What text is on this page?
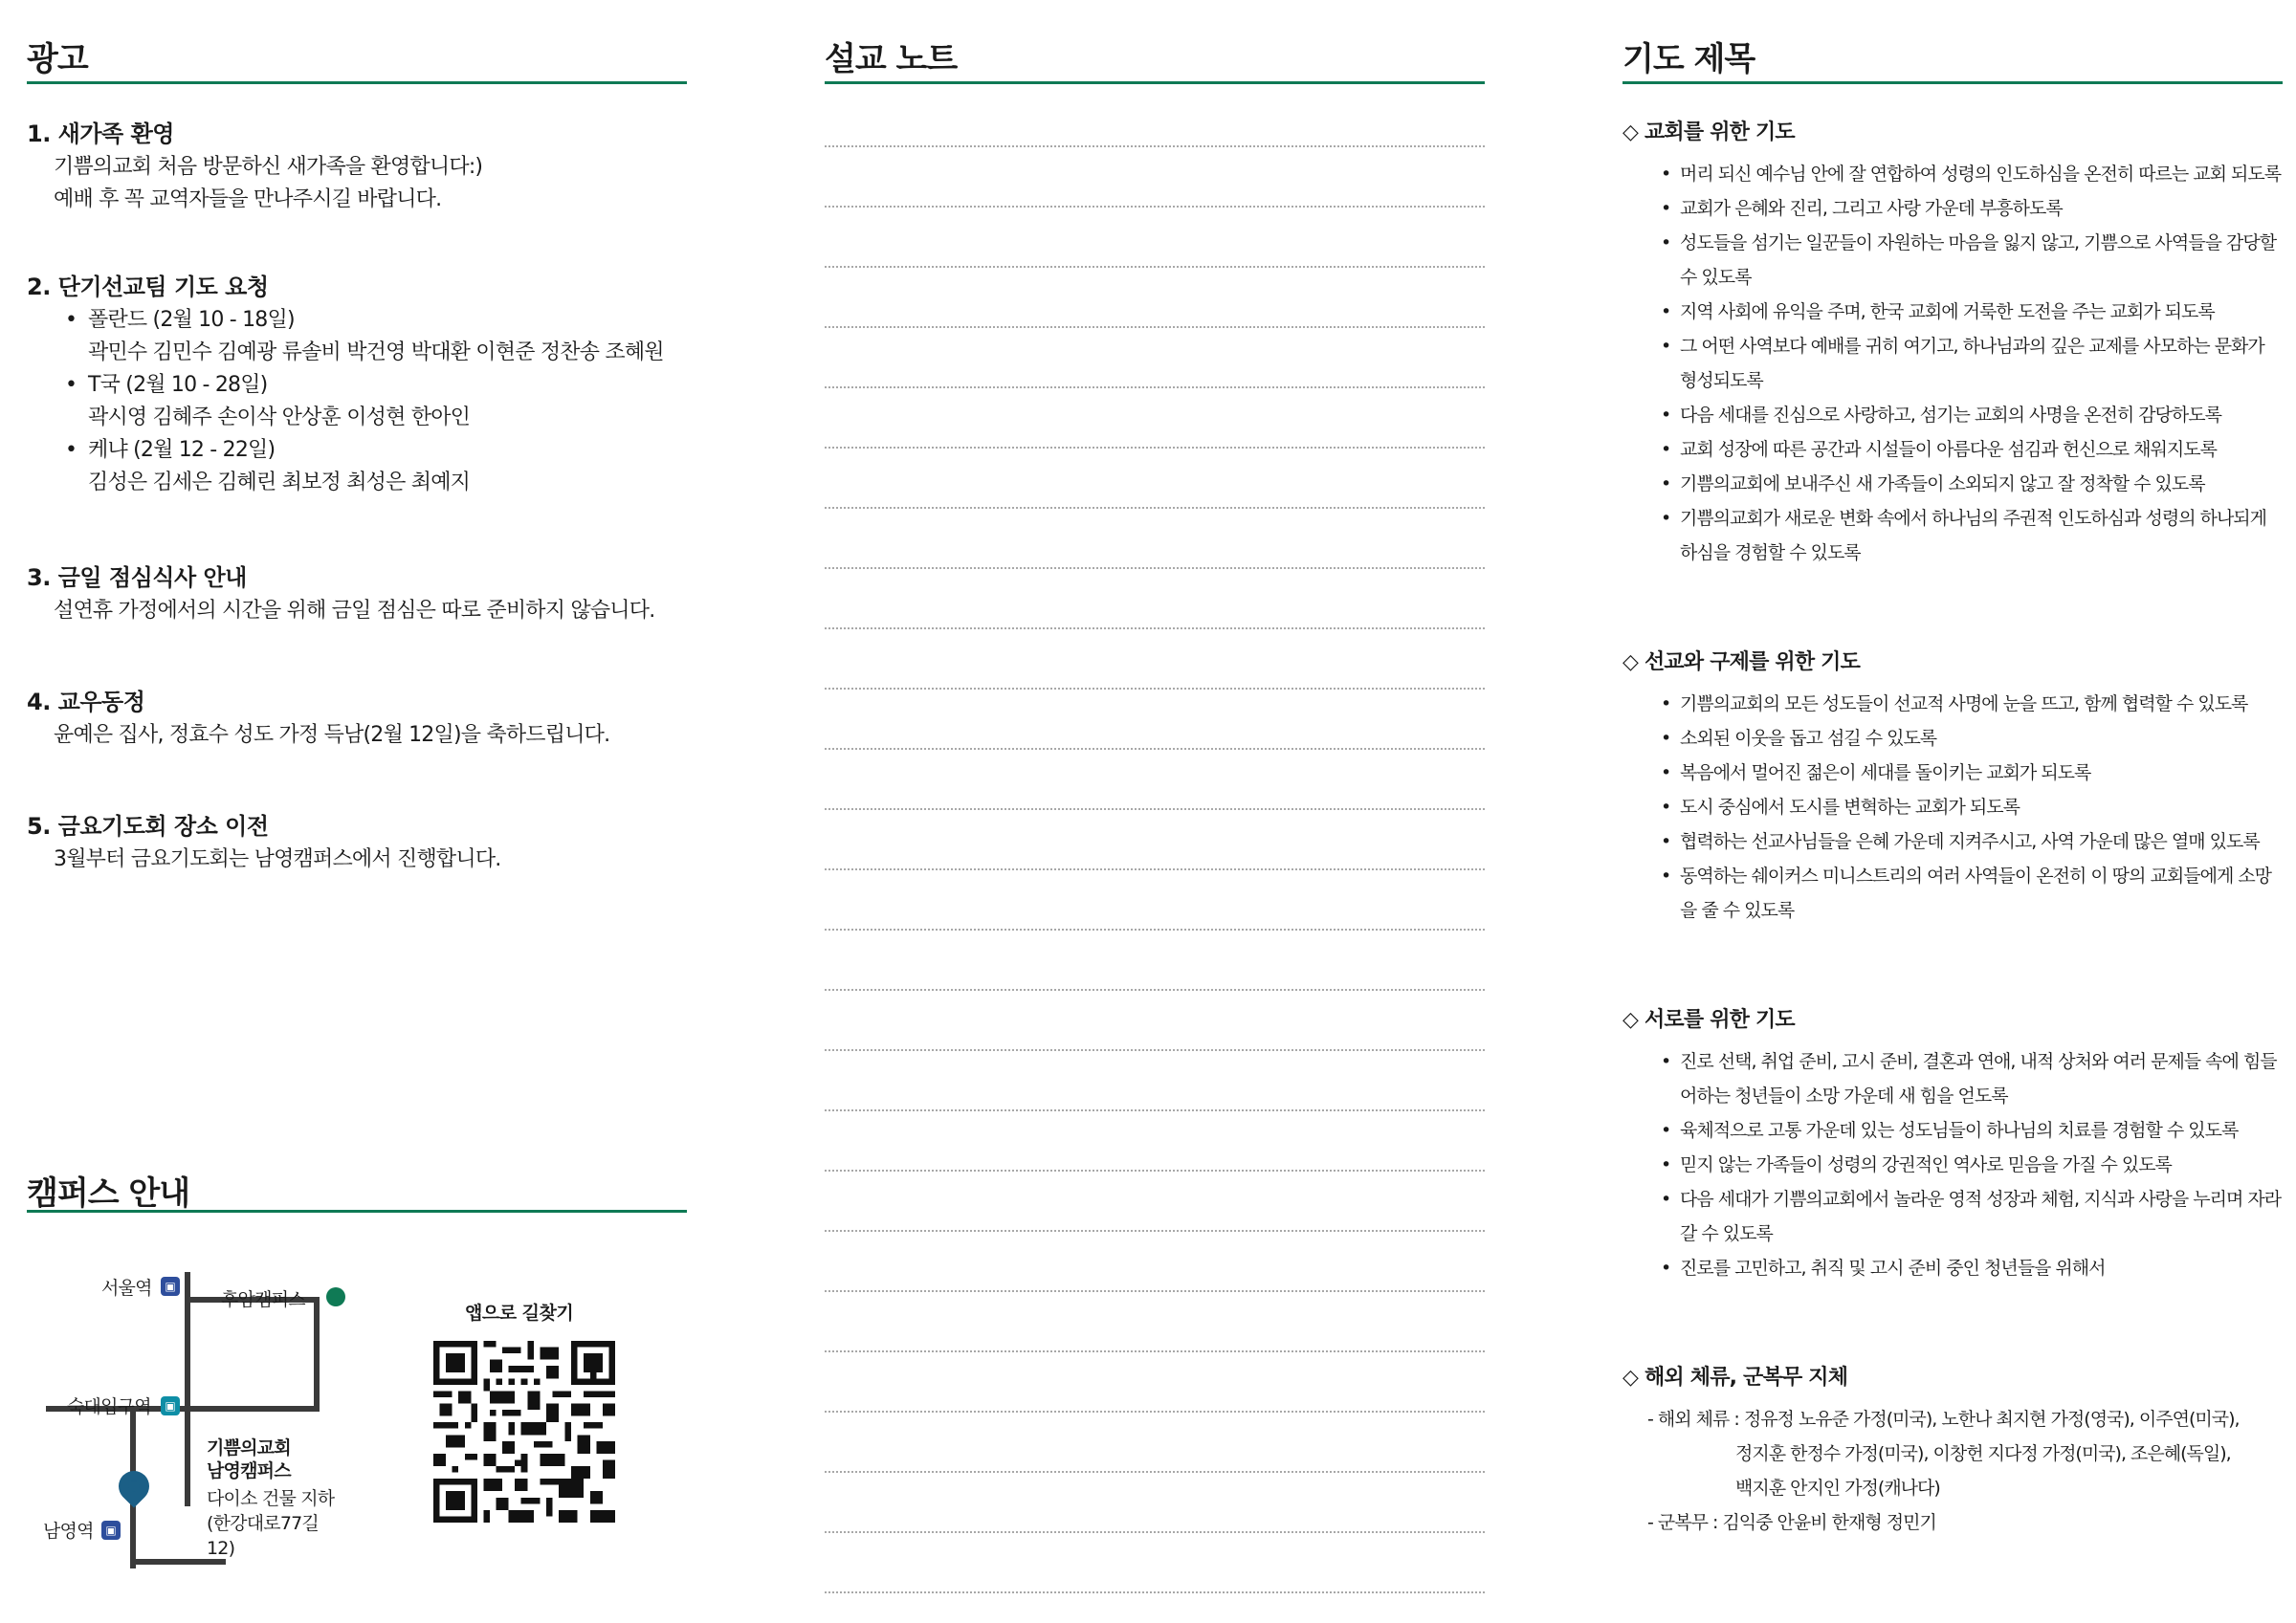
광고
1. 새가족 환영
기쁨의교회 처음 방문하신 새가족을 환영합니다:)
예배 후 꼭 교역자들을 만나주시길 바랍니다.
2. 단기선교팀 기도 요청
• 폴란드 (2월 10 - 18일)
곽민수 김민수 김예광 류솔비 박건영 박대환 이현준 정찬송 조혜원
• T국 (2월 10 - 28일)
곽시영 김혜주 손이삭 안상훈 이성현 한아인
• 케냐 (2월 12 - 22일)
김성은 김세은 김혜린 최보정 최성은 최예지
3. 금일 점심식사 안내
설연휴 가정에서의 시간을 위해 금일 점심은 따로 준비하지 않습니다.
4. 교우동정
윤예은 집사, 정효수 성도 가정 득남(2월 12일)을 축하드립니다.
5. 금요기도회 장소 이전
3월부터 금요기도회는 남영캠퍼스에서 진행합니다.
캠퍼스 안내
서울역	▣
후암캠퍼스
숙대입구역	▣
기쁨의교회
남영캠퍼스
다이소 건물 지하 (한강대로77길 12)
남영역	▣
앱으로 길찾기
설교 노트	기도 제목
◇ 교회를 위한 기도
• 머리 되신 예수님 안에 잘 연합하여 성령의 인도하심을 온전히 따르는 교회 되도록
• 교회가 은혜와 진리, 그리고 사랑 가운데 부흥하도록
• 성도들을 섬기는 일꾼들이 자원하는 마음을 잃지 않고, 기쁨으로 사역들을 감당할 수 있도록
• 지역 사회에 유익을 주며, 한국 교회에 거룩한 도전을 주는 교회가 되도록
• 그 어떤 사역보다 예배를 귀히 여기고, 하나님과의 깊은 교제를 사모하는 문화가 형성되도록
• 다음 세대를 진심으로 사랑하고, 섬기는 교회의 사명을 온전히 감당하도록
• 교회 성장에 따른 공간과 시설들이 아름다운 섬김과 헌신으로 채워지도록
• 기쁨의교회에 보내주신 새 가족들이 소외되지 않고 잘 정착할 수 있도록
• 기쁨의교회가 새로운 변화 속에서 하나님의 주권적 인도하심과 성령의 하나되게 하심을 경험할 수 있도록
◇ 선교와 구제를 위한 기도
• 기쁨의교회의 모든 성도들이 선교적 사명에 눈을 뜨고, 함께 협력할 수 있도록
• 소외된 이웃을 돕고 섬길 수 있도록
• 복음에서 멀어진 젊은이 세대를 돌이키는 교회가 되도록
• 도시 중심에서 도시를 변혁하는 교회가 되도록
• 협력하는 선교사님들을 은혜 가운데 지켜주시고, 사역 가운데 많은 열매 있도록
• 동역하는 쉐이커스 미니스트리의 여러 사역들이 온전히 이 땅의 교회들에게 소망을 줄 수 있도록
◇ 서로를 위한 기도
• 진로 선택, 취업 준비, 고시 준비, 결혼과 연애, 내적 상처와 여러 문제들 속에 힘들어하는 청년들이 소망 가운데 새 힘을 얻도록
• 육체적으로 고통 가운데 있는 성도님들이 하나님의 치료를 경험할 수 있도록
• 믿지 않는 가족들이 성령의 강권적인 역사로 믿음을 가질 수 있도록
• 다음 세대가 기쁨의교회에서 놀라운 영적 성장과 체험, 지식과 사랑을 누리며 자라갈 수 있도록
• 진로를 고민하고, 취직 및 고시 준비 중인 청년들을 위해서
◇ 해외 체류, 군복무 지체
- 해외 체류 : 정유정 노유준 가정(미국), 노한나 최지현 가정(영국), 이주연(미국),
정지훈 한정수 가정(미국), 이창헌 지다정 가정(미국), 조은혜(독일),
백지훈 안지인 가정(캐나다)
- 군복무 : 김익중 안윤비 한재형 정민기
